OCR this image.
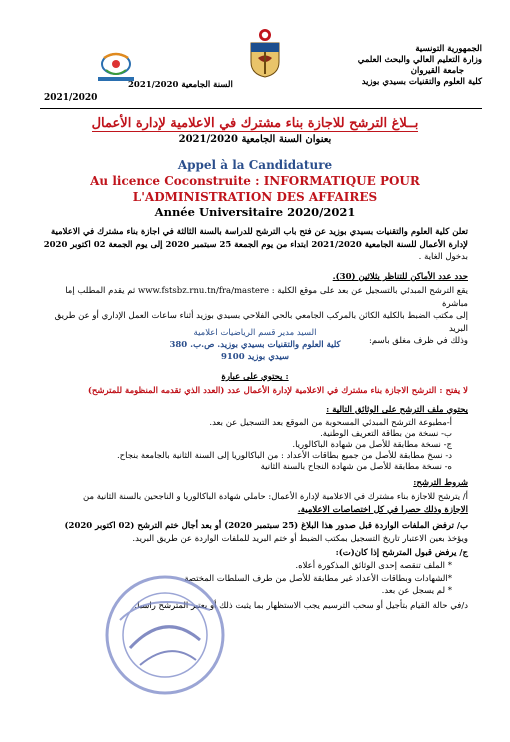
الجمهورية التونسية
وزارة التعليم العالي والبحث العلمي
جامعة القيروان
كلية العلوم والتقنيات بسيدي بوزيد
السنة الجامعية 2021/2020
2021/2020
بــلاغ الترشح للاجازة بناء مشترك في الاعلامية لإدارة الأعمال
بعنوان السنة الجامعية 2021/2020
Appel à la Candidature
Au licence Coconstruite : INFORMATIQUE POUR
L'ADMINISTRATION DES AFFAIRES
Année Universitaire 2020/2021
تعلن كلية العلوم والتقنيات بسيدي بوزيد عن فتح باب الترشح للدراسة بالسنة الثالثة في اجازة بناء مشترك في الاعلامية
لإدارة الأعمال للسنة الجامعية 2021/2020 ابتداء من يوم الجمعة 25 سبتمبر 2020 إلى يوم الجمعة 02 اكتوبر 2020
بدخول الغاية .
حدد عدد الأماكن للتناظر بثلاثين (30).
يقع الترشح المبدئي بالتسجيل عن بعد على موقع الكلية : www.fstsbz.rnu.tn/fra/mastere ثم يقدم المطلب إما مباشرة
إلى مكتب الضبط بالكلية الكائن بالمركب الجامعي بالحي الفلاحي بسيدي بوزيد أثناء ساعات العمل الإداري أو عن طريق البريد
وذلك في ظرف مغلق باسم:
السيد مدير قسم الرياضيات اعلامية
كلية العلوم والتقنيات بسيدي بوزيد. ص.ب. 380
سيدي بوزيد 9100
يحتوي على عبارة :
لا يفتح : الترشح الاجازة بناء مشترك في الاعلامية لإدارة الأعمال عدد (العدد الذي تقدمه المنظومة للمترشح)
يحتوي ملف الترشح على الوثائق التالية :
أ-مطبوعة الترشح المبدئي المسحوبة من الموقع بعد التسجيل عن بعد.
ب- نسخة من بطاقة التعريف الوطنية.
ج- نسخة مطابقة للأصل من شهادة الباكالوريا.
د- نسخ مطابقة للأصل من جميع بطاقات الأعداد : من الباكالوريا إلى السنة الثانية بالجامعة بنجاح.
ه- نسخة مطابقة للأصل من شهادة النجاح بالسنة الثانية
شروط الترشح:
أ/ يترشح للاجازة بناء مشترك في الاعلامية لإدارة الأعمال: حاملي شهادة الباكالوريا و الناجحين بالسنة الثانية من
الاجازة وذلك حصرا في كل اختصاصات الاعلامية.
ب/ ترفض الملفات الواردة قبل صدور هذا البلاغ (25 سبتمبر 2020) أو بعد أجال ختم الترشح (02 اكتوبر 2020)
ويؤخذ بعين الاعتبار تاريخ التسجيل بمكتب الضبط أو ختم البريد للملفات الواردة عن طريق البريد.
ج/ يرفض قبول المترشح إذا كان(ت):
* الملف تنقصه إحدى الوثائق المذكورة أعلاه.
*الشهادات وبطاقات الأعداد غير مطابقة للأصل من طرف السلطات المختصة
* لم يسجل عن بعد.
د/في حالة القيام بتأجيل أو سحب الترسيم يجب الاستظهار بما يثبت ذلك أو يعتبر المترشح راسبا.
